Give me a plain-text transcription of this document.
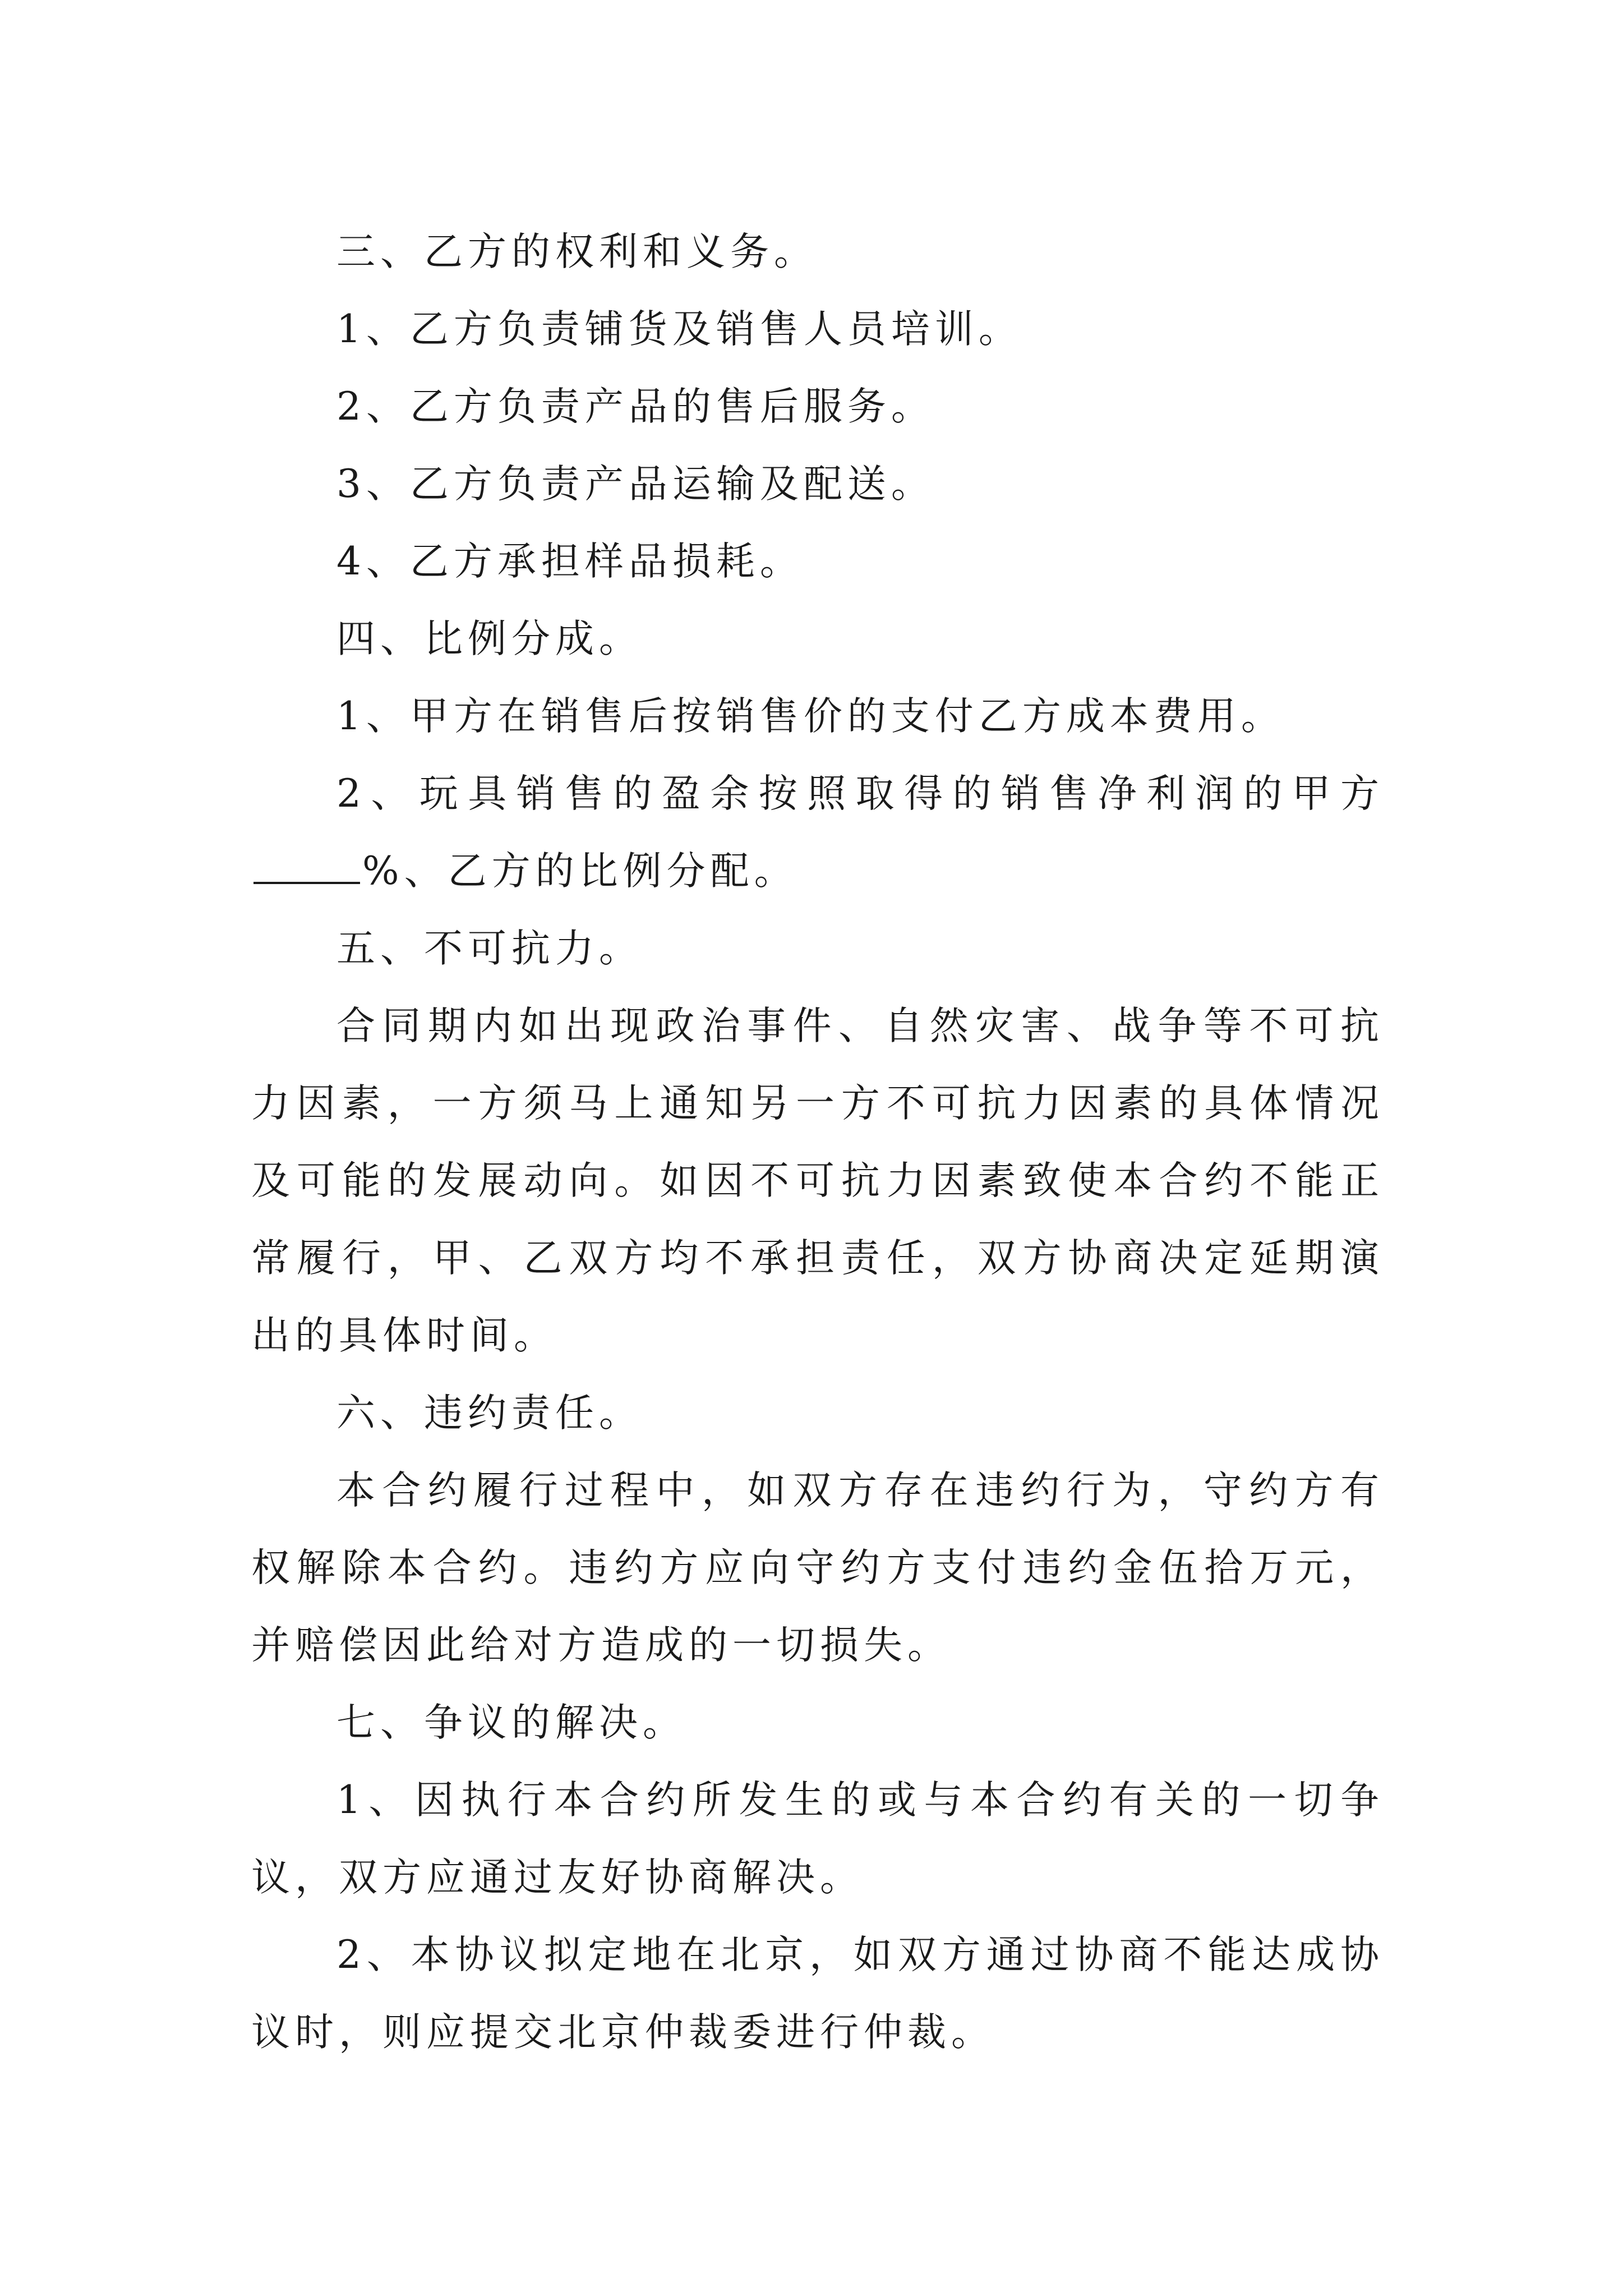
三、乙方的权利和义务。

1、乙方负责铺货及销售人员培训。

2、乙方负责产品的售后服务。

3、乙方负责产品运输及配送。

4、乙方承担样品损耗。

四、比例分成。

1、甲方在销售后按销售价的支付乙方成本费用。

2、玩具销售的盈余按照取得的销售净利润的甲方%、乙方的比例分配。

五、不可抗力。

合同期内如出现政治事件、自然灾害、战争等不可抗力因素，一方须马上通知另一方不可抗力因素的具体情况及可能的发展动向。如因不可抗力因素致使本合约不能正常履行，甲、乙双方均不承担责任，双方协商决定延期演出的具体时间。

六、违约责任。

本合约履行过程中，如双方存在违约行为，守约方有权解除本合约。违约方应向守约方支付违约金伍拾万元，并赔偿因此给对方造成的一切损失。

七、争议的解决。

1、因执行本合约所发生的或与本合约有关的一切争议，双方应通过友好协商解决。

2、本协议拟定地在北京，如双方通过协商不能达成协议时，则应提交北京仲裁委进行仲裁。
